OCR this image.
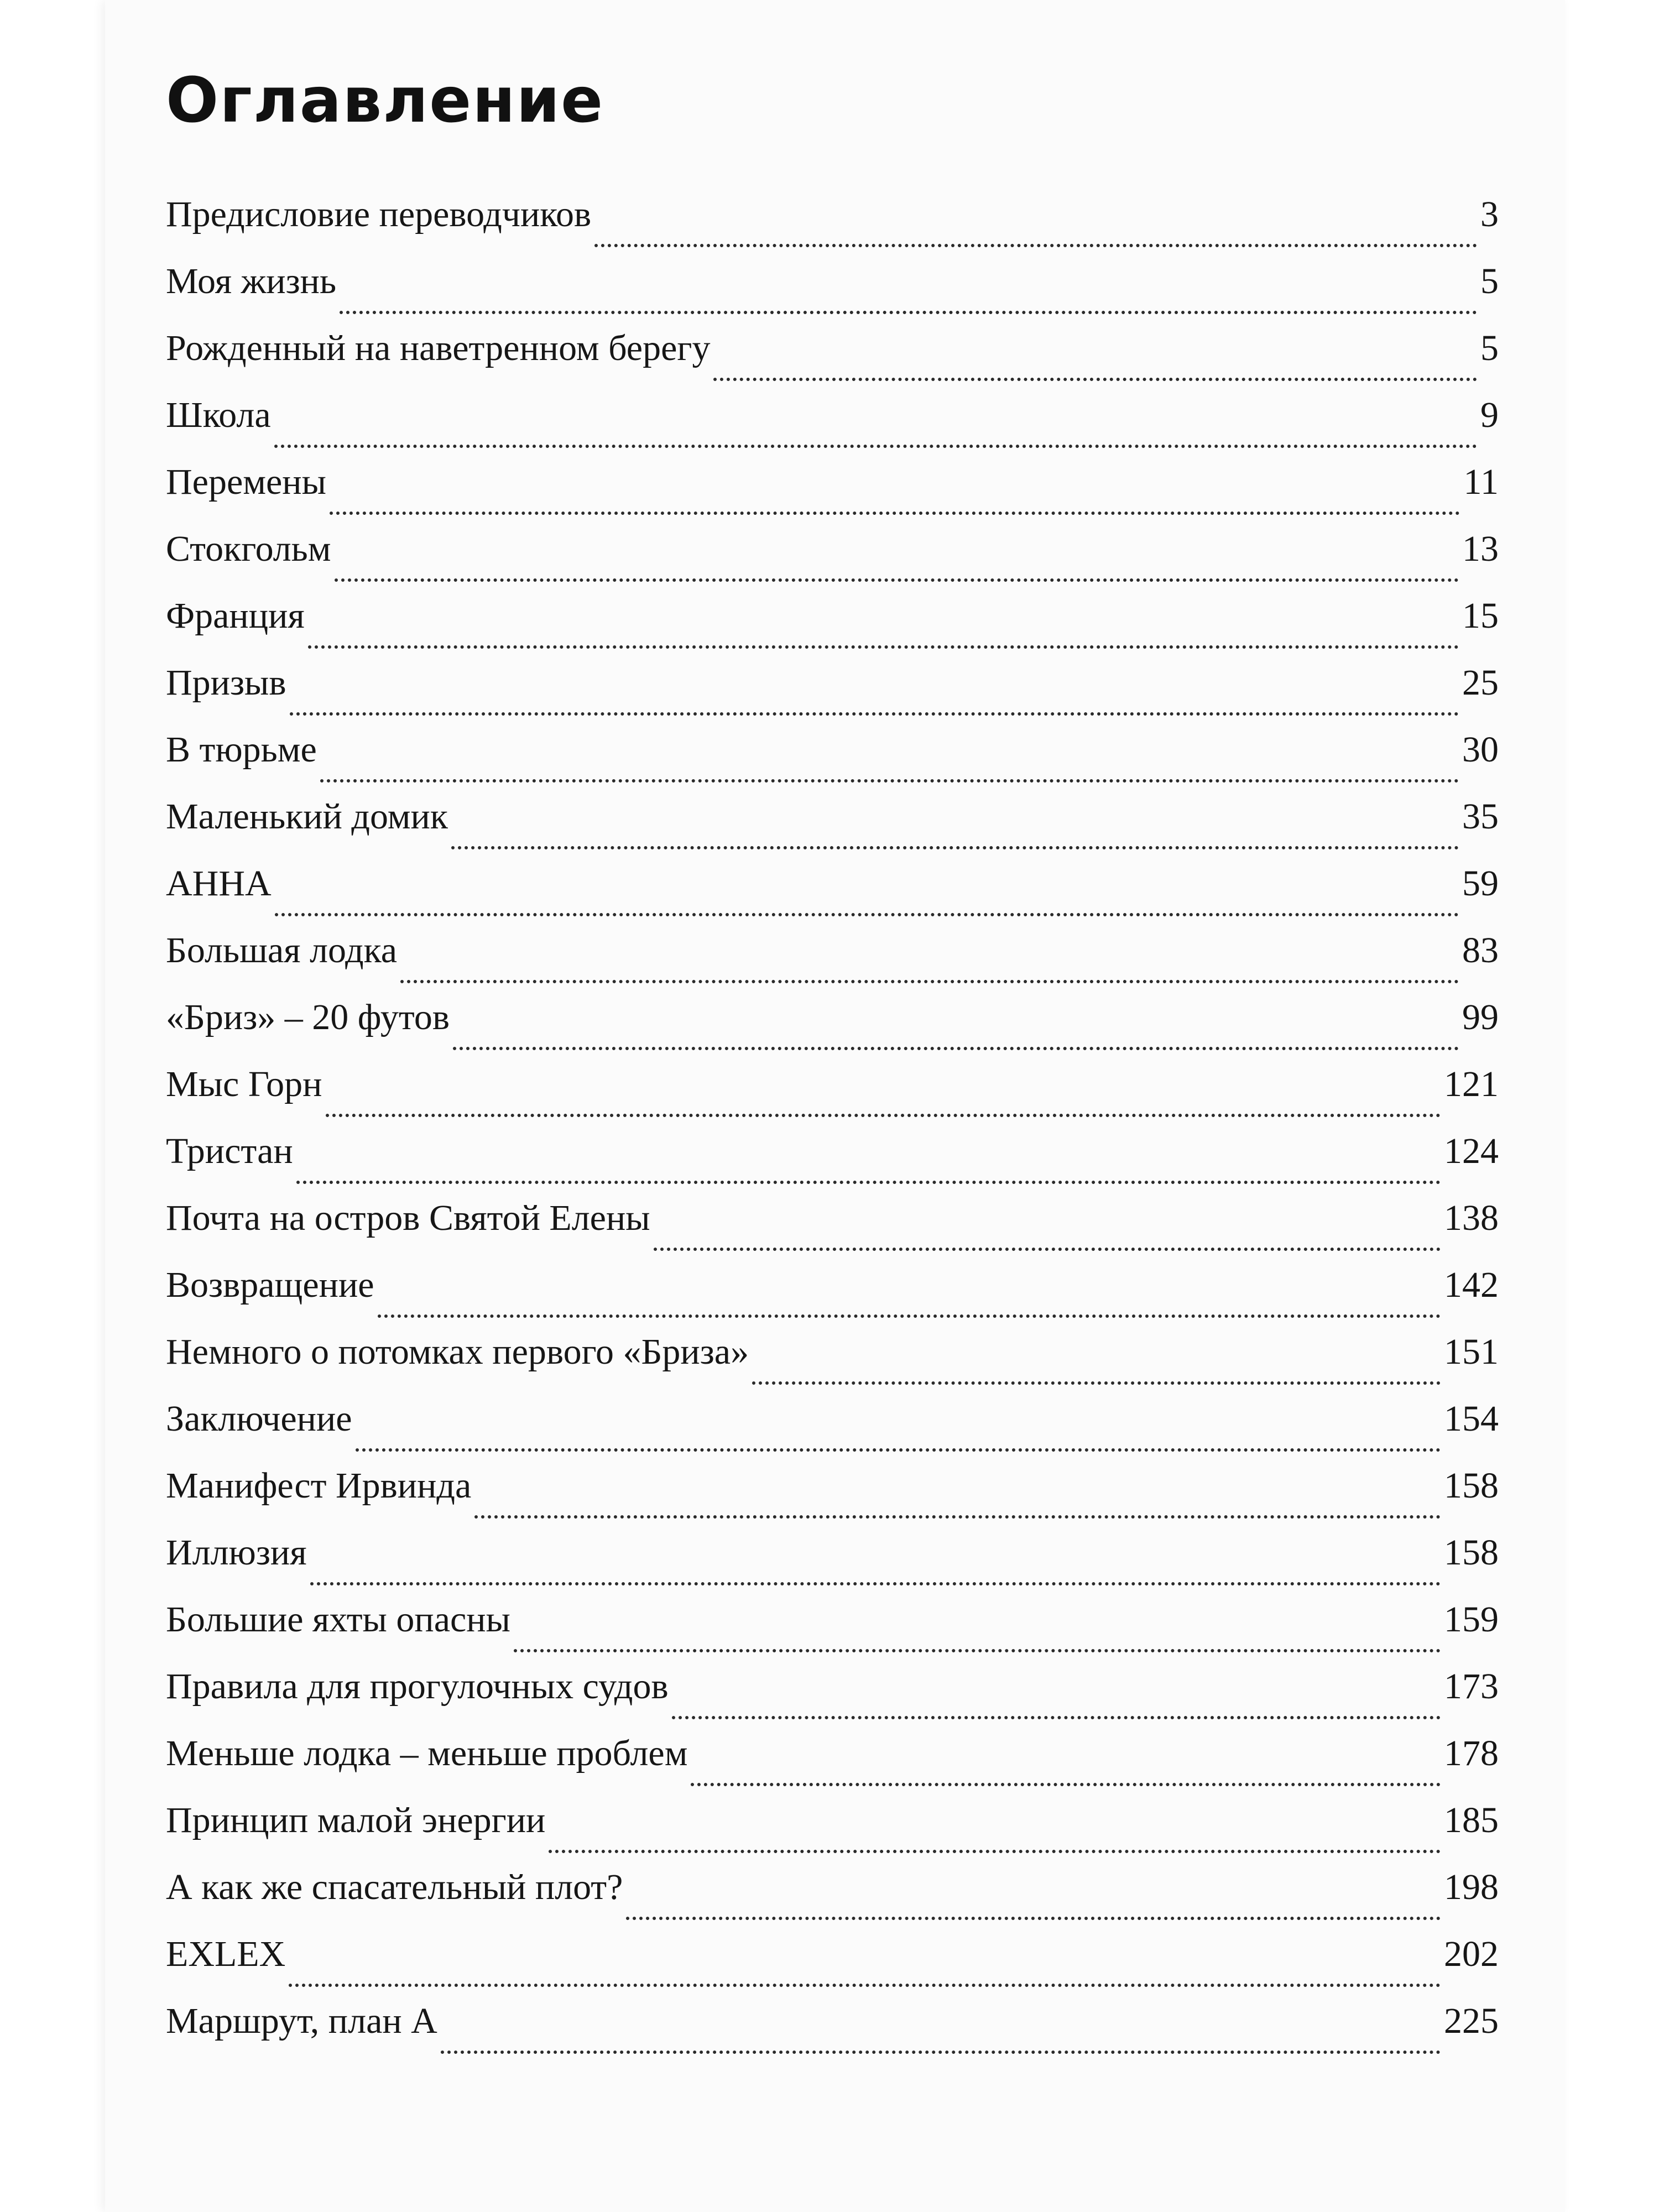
Оглавление
Предисловие переводчиков	3
Моя жизнь	5
Рожденный на наветренном берегу	5
Школа	9
Перемены	11
Стокгольм	13
Франция	15
Призыв	25
В тюрьме	30
Маленький домик	35
АННА	59
Большая лодка	83
«Бриз» – 20 футов	99
Мыс Горн	121
Тристан	124
Почта на остров Святой Елены	138
Возвращение	142
Немного о потомках первого «Бриза»	151
Заключение	154
Манифест Ирвинда	158
Иллюзия	158
Большие яхты опасны	159
Правила для прогулочных судов	173
Меньше лодка – меньше проблем	178
Принцип малой энергии	185
А как же спасательный плот?	198
EXLEX	202
Маршрут, план А	225
